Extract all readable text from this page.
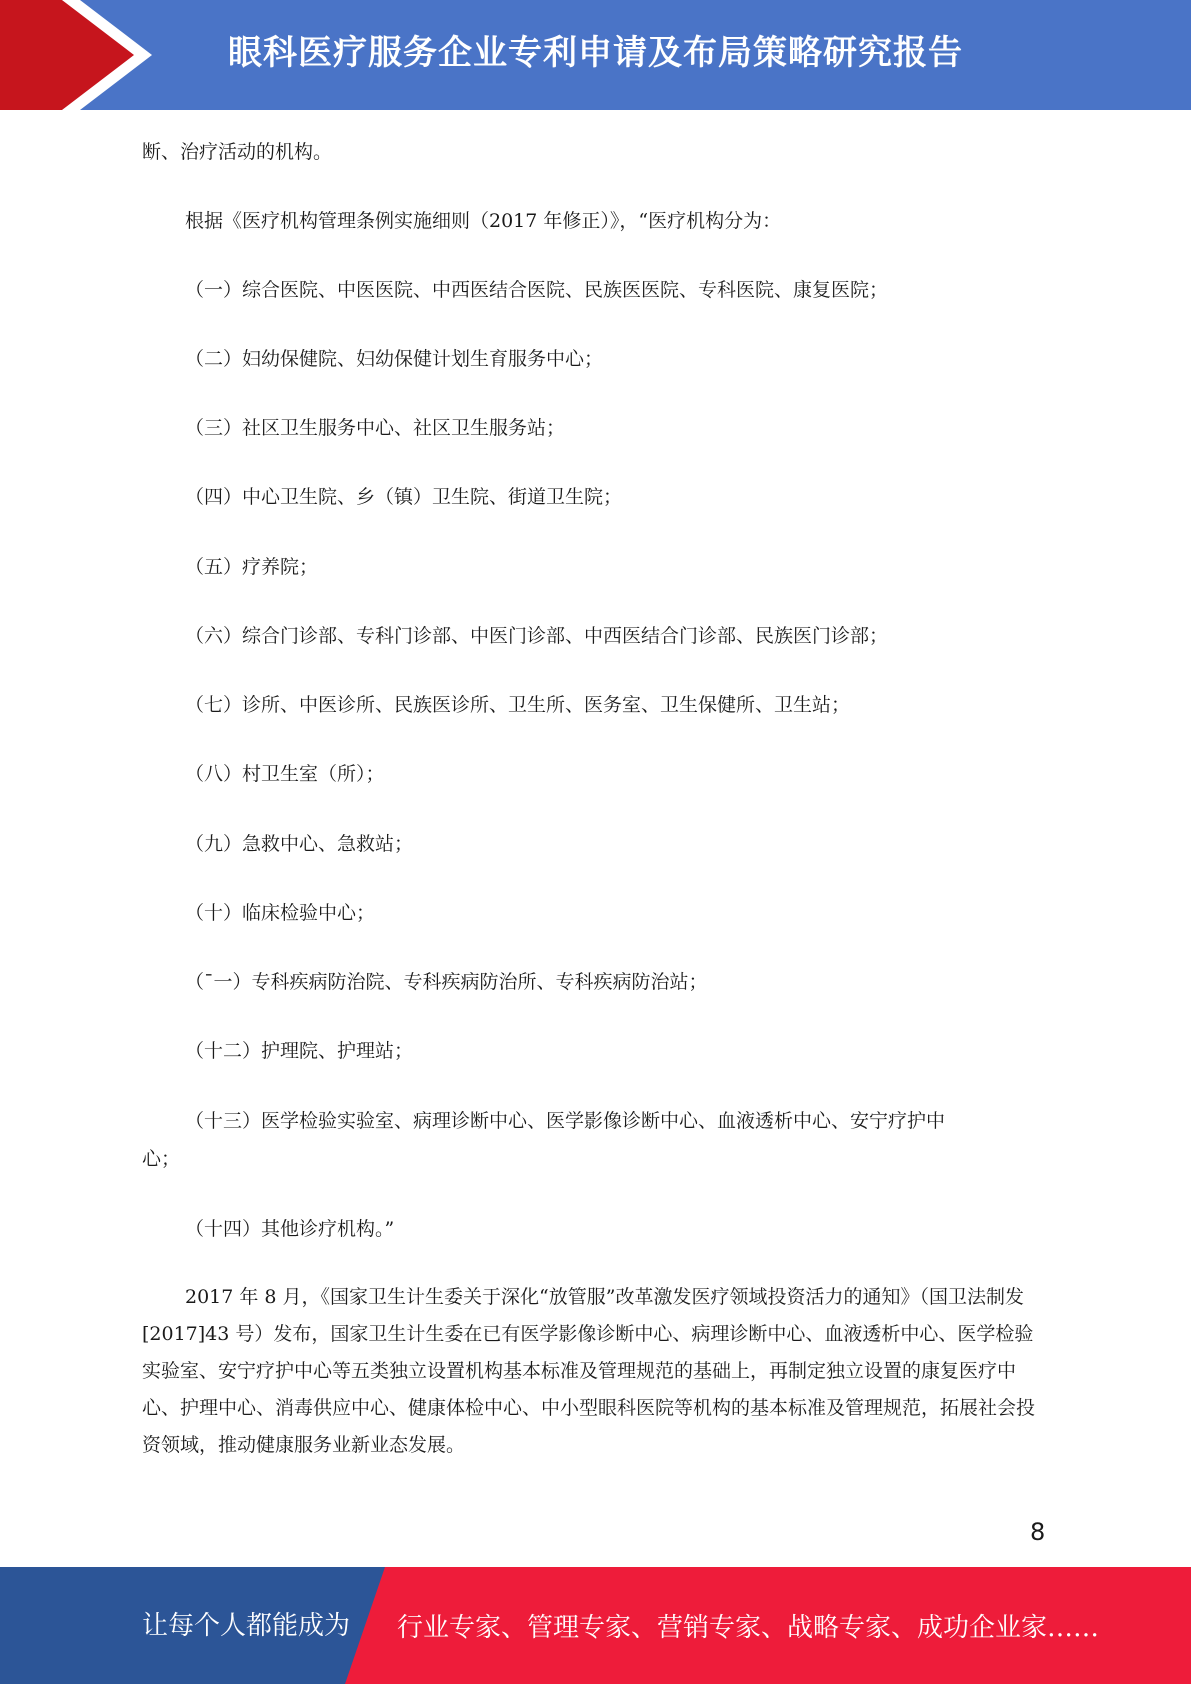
眼科医疗服务企业专利申请及布局策略研究报告
断、治疗活动的机构。
根据《医疗机构管理条例实施细则（2017 年修正）》，“医疗机构分为：
（一）综合医院、中医医院、中西医结合医院、民族医医院、专科医院、康复医院；
（二）妇幼保健院、妇幼保健计划生育服务中心；
（三）社区卫生服务中心、社区卫生服务站；
（四）中心卫生院、乡（镇）卫生院、街道卫生院；
（五）疗养院；
（六）综合门诊部、专科门诊部、中医门诊部、中西医结合门诊部、民族医门诊部；
（七）诊所、中医诊所、民族医诊所、卫生所、医务室、卫生保健所、卫生站；
（八）村卫生室（所）；
（九）急救中心、急救站；
（十）临床检验中心；
（ˉ一）专科疾病防治院、专科疾病防治所、专科疾病防治站；
（十二）护理院、护理站；
（十三）医学检验实验室、病理诊断中心、医学影像诊断中心、血液透析中心、安宁疗护中
心；
（十四）其他诊疗机构。”
2017 年 8 月，《国家卫生计生委关于深化“放管服”改革激发医疗领域投资活力的通知》（国卫法制发[2017]43 号）发布，国家卫生计生委在已有医学影像诊断中心、病理诊断中心、血液透析中心、医学检验实验室、安宁疗护中心等五类独立设置机构基本标准及管理规范的基础上，再制定独立设置的康复医疗中心、护理中心、消毒供应中心、健康体检中心、中小型眼科医院等机构的基本标准及管理规范，拓展社会投资领域，推动健康服务业新业态发展。
8
让每个人都能成为 行业专家、管理专家、营销专家、战略专家、成功企业家……
